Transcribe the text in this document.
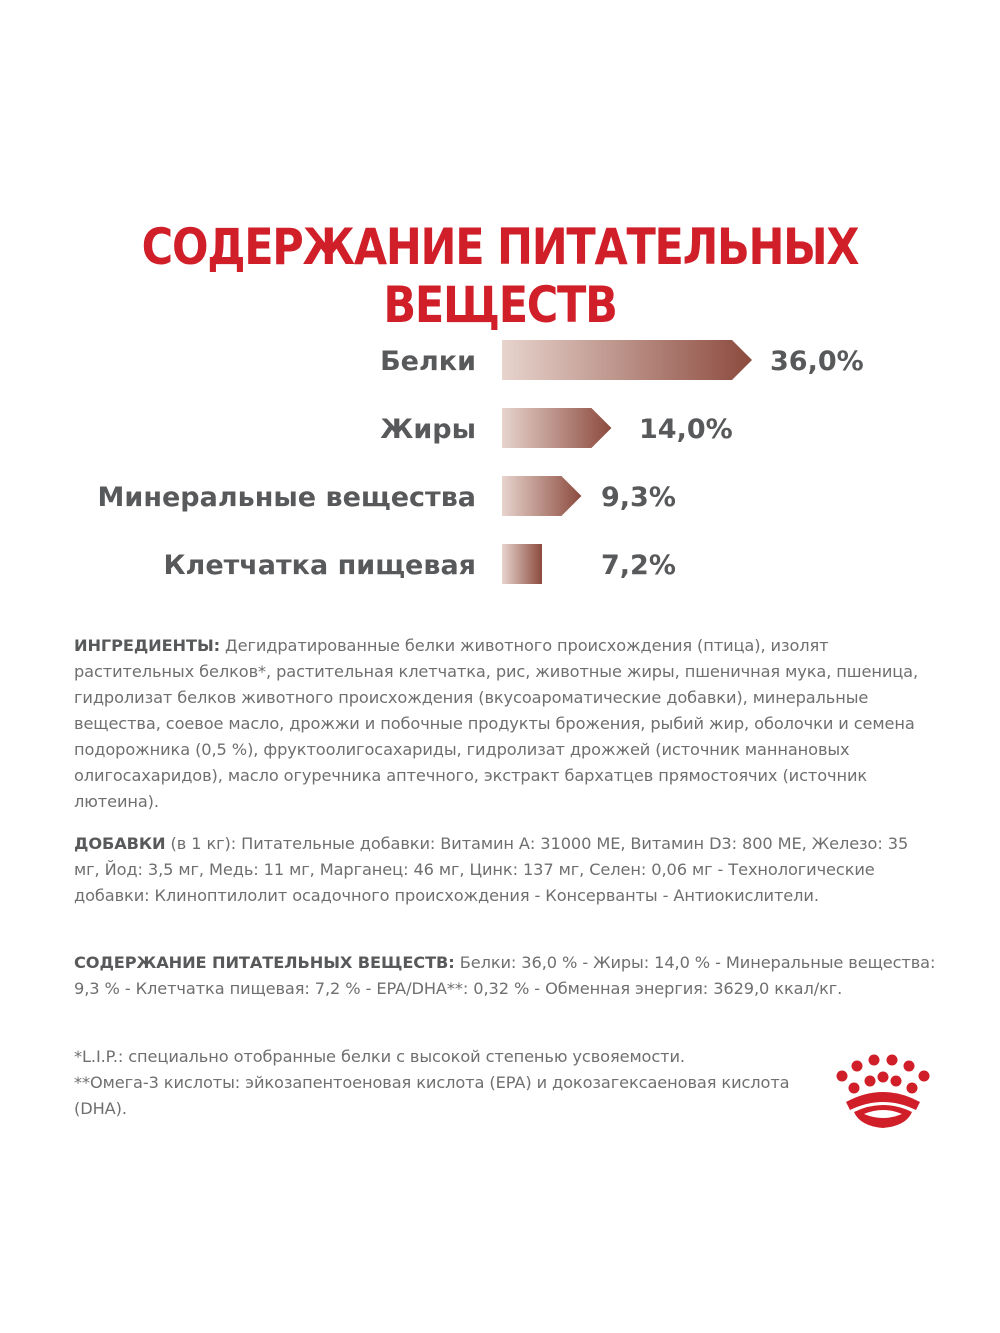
СОДЕРЖАНИЕ ПИТАТЕЛЬНЫХ ВЕЩЕСТВ
Белки	36,0%
Жиры	14,0%
Минеральные вещества	9,3%
Клетчатка пищевая	7,2%
ИНГРЕДИЕНТЫ: Дегидратированные белки животного происхождения (птица), изолят растительных белков*, растительная клетчатка, рис, животные жиры, пшеничная мука, пшеница, гидролизат белков животного происхождения (вкусоароматические добавки), минеральные вещества, соевое масло, дрожжи и побочные продукты брожения, рыбий жир, оболочки и семена подорожника (0,5 %), фруктоолигосахариды, гидролизат дрожжей (источник маннановых олигосахаридов), масло огуречника аптечного, экстракт бархатцев прямостоячих (источник лютеина).
ДОБАВКИ (в 1 кг): Питательные добавки: Витамин А: 31000 МЕ, Витамин D3: 800 МЕ, Железо: 35 мг, Йод: 3,5 мг, Медь: 11 мг, Марганец: 46 мг, Цинк: 137 мг, Селен: 0,06 мг - Технологические добавки: Клиноптилолит осадочного происхождения - Консерванты - Антиокислители.
СОДЕРЖАНИЕ ПИТАТЕЛЬНЫХ ВЕЩЕСТВ: Белки: 36,0 % - Жиры: 14,0 % - Минеральные вещества: 9,3 % - Клетчатка пищевая: 7,2 % - EPA/DHA**: 0,32 % - Обменная энергия: 3629,0 ккал/кг.
*L.I.P.: специально отобранные белки с высокой степенью усвояемости.
**Омега-3 кислоты: эйкозапентоеновая кислота (EPA) и докозагексаеновая кислота (DHA).
